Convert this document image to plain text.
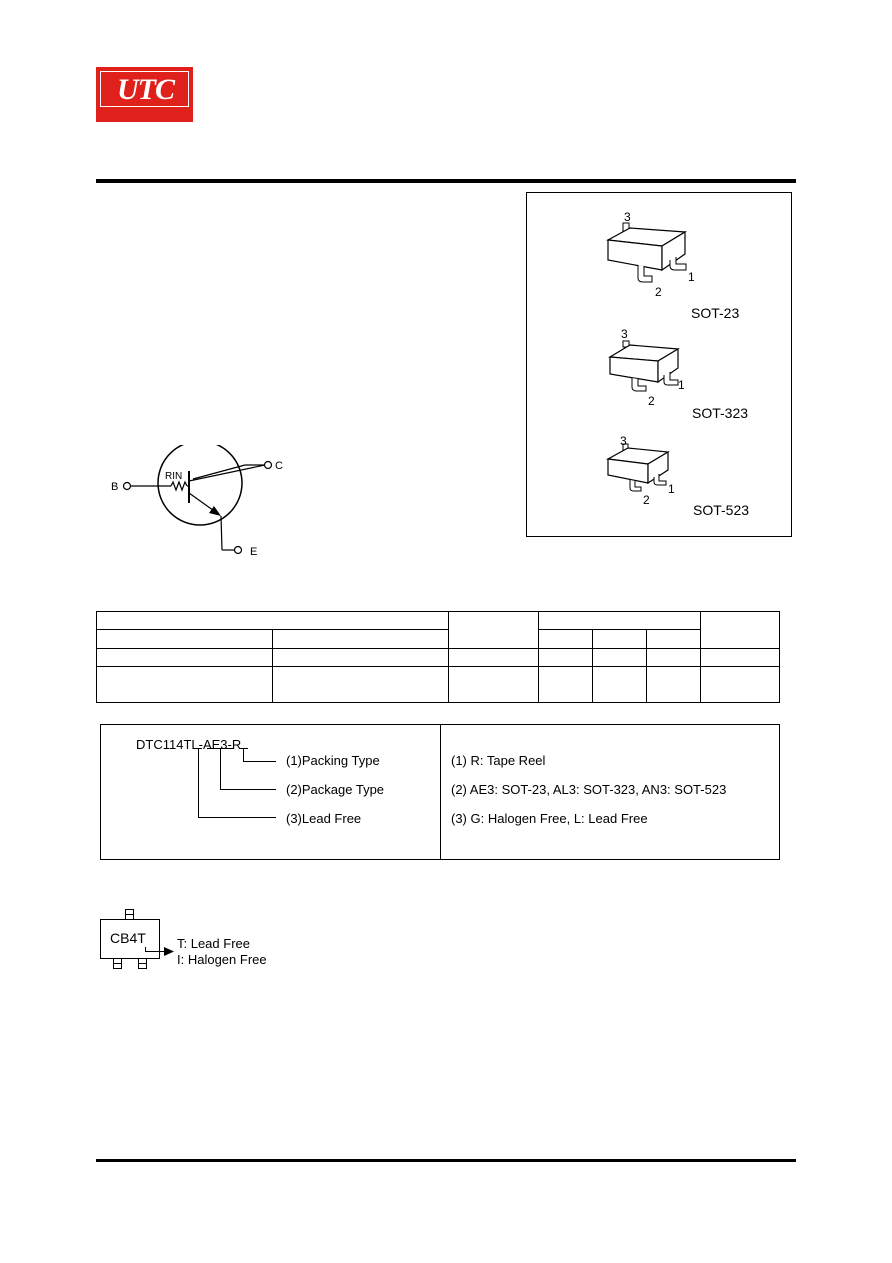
UTC
B
RIN
C
E
3
2
1
SOT-23
3
2
1
SOT-323
3
2
1
SOT-523
DTC114TL-AE3-R
(1)Packing Type
(2)Package Type
(3)Lead Free
(1) R: Tape Reel
(2) AE3: SOT-23, AL3: SOT-323, AN3: SOT-523
(3) G: Halogen Free, L: Lead Free
CB4T T: Lead Free
I: Halogen Free
